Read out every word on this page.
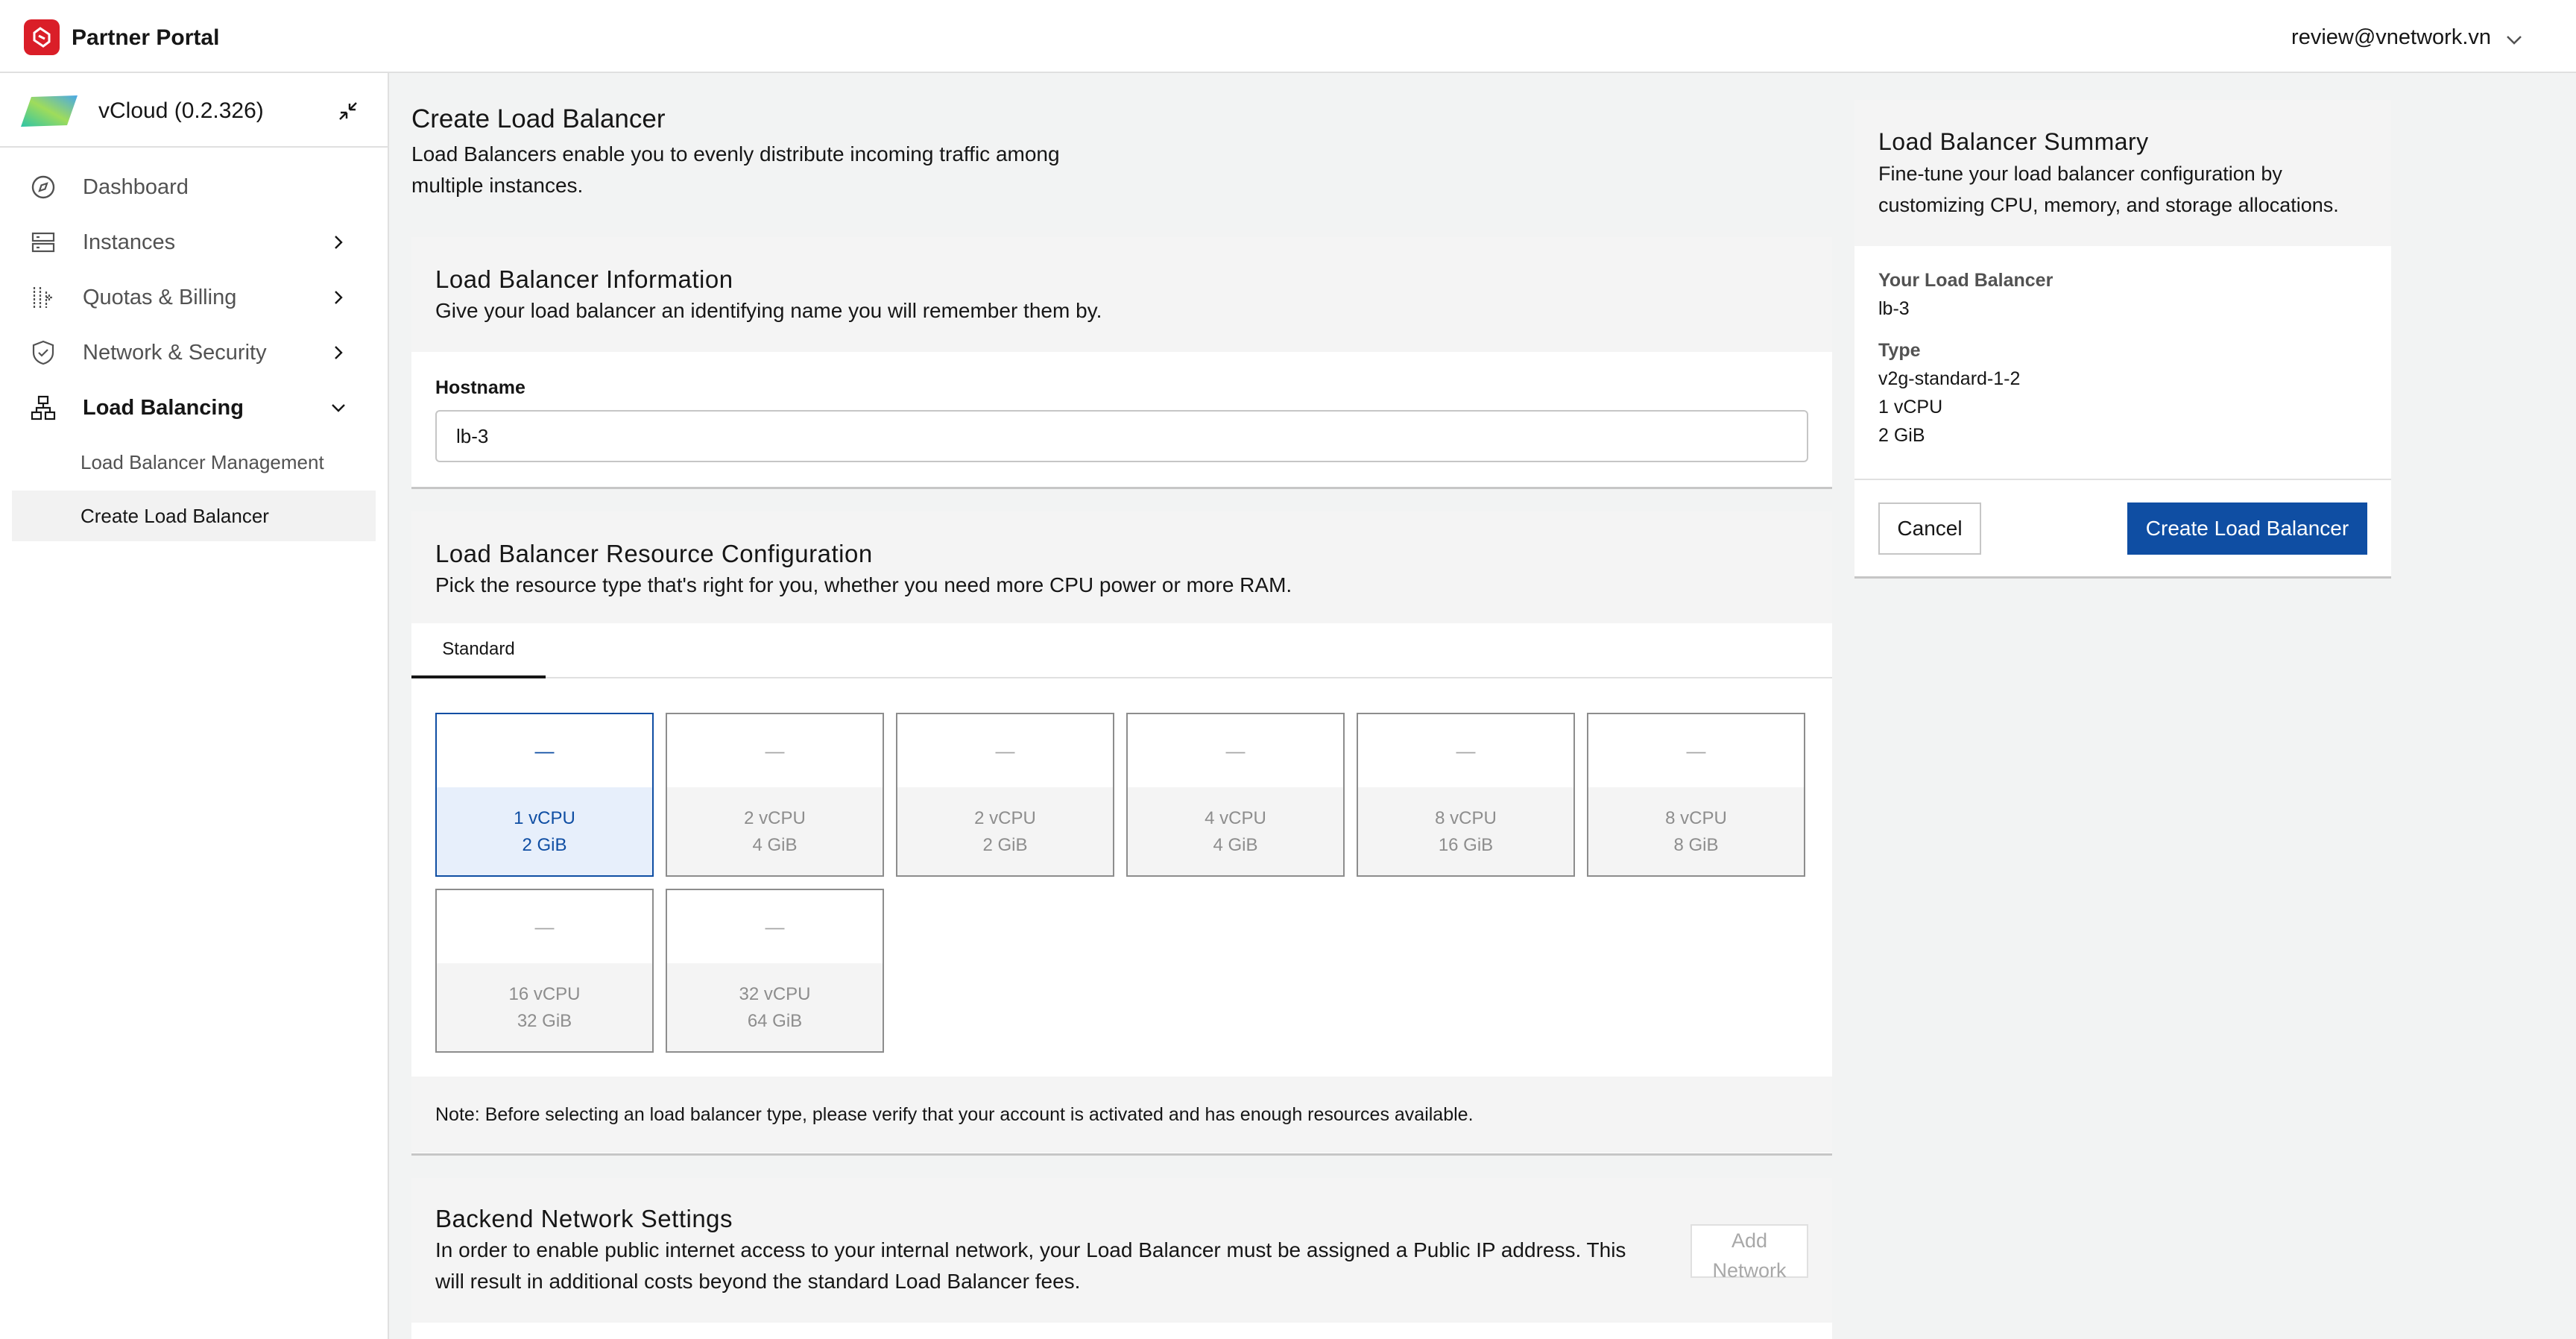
Partner Portal	review@vnetwork.vn
vCloud (0.2.326)
Dashboard
Instances
Quotas & Billing
Network & Security
Load Balancing
Load Balancer Management
Create Load Balancer
Create Load Balancer
Load Balancers enable you to evenly distribute incoming traffic among multiple instances.
Load Balancer Information
Give your load balancer an identifying name you will remember them by.
Hostname
lb-3
Load Balancer Resource Configuration
Pick the resource type that's right for you, whether you need more CPU power or more RAM.
Standard
—
1 vCPU
2 GiB
—
2 vCPU
4 GiB
—
2 vCPU
2 GiB
—
4 vCPU
4 GiB
—
8 vCPU
16 GiB
—
8 vCPU
8 GiB
—
16 vCPU
32 GiB
—
32 vCPU
64 GiB
Note: Before selecting an load balancer type, please verify that your account is activated and has enough resources available.
Backend Network Settings
In order to enable public internet access to your internal network, your Load Balancer must be assigned a Public IP address. This will result in additional costs beyond the standard Load Balancer fees.
Add Network
Load Balancer Summary
Fine-tune your load balancer configuration by customizing CPU, memory, and storage allocations.
Your Load Balancer
lb-3
Type
v2g-standard-1-2
1 vCPU
2 GiB
Cancel	Create Load Balancer
